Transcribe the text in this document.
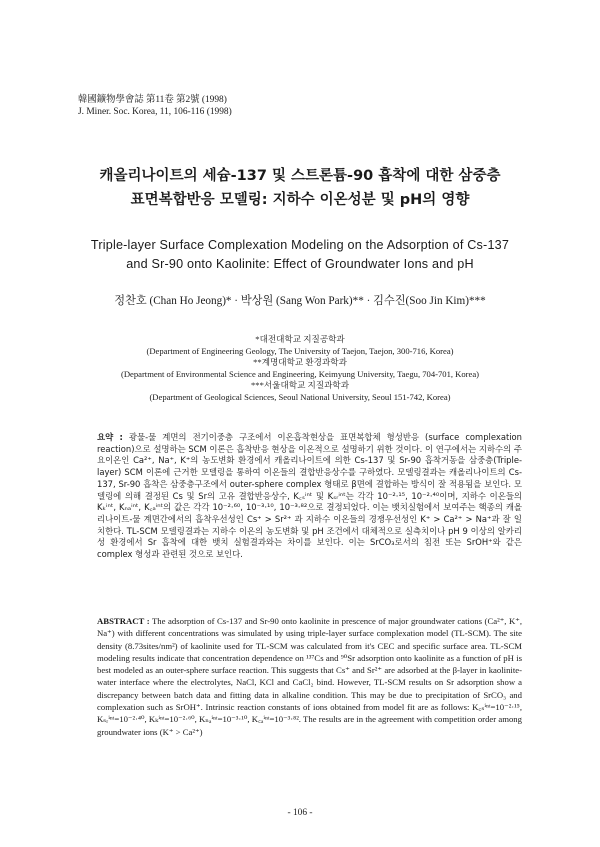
韓國鑛物學會誌 第11卷 第2號 (1998)
J. Miner. Soc. Korea, 11, 106-116 (1998)
캐올리나이트의 세슘-137 및 스트론튬-90 흡착에 대한 삼중층
표면복합반응 모델링: 지하수 이온성분 및 pH의 영향
Triple-layer Surface Complexation Modeling on the Adsorption of Cs-137
and Sr-90 onto Kaolinite: Effect of Groundwater Ions and pH
정찬호 (Chan Ho Jeong)* · 박상원 (Sang Won Park)** · 김수진(Soo Jin Kim)***
*대전대학교 지질공학과
(Department of Engineering Geology, The University of Taejon, Taejon, 300-716, Korea)
**계명대학교 환경과학과
(Department of Environmental Science and Engineering, Keimyung University, Taegu, 704-701, Korea)
***서울대학교 지질과학과
(Department of Geological Sciences, Seoul National University, Seoul 151-742, Korea)
요약 : 광물-물 계면의 전기이중층 구조에서 이온흡착현상을 표면복합체 형성반응 (surface complexation reaction)으로 설명하는 SCM 이론은 흡착반응 현상을 이온적으로 설명하기 위한 것이다. 이 연구에서는 지하수의 주요이온인 Ca²⁺, Na⁺, K⁺의 농도변화 환경에서 캐올리나이트에 의한 Cs-137 및 Sr-90 흡착거동을 삼중층(Triple-layer) SCM 이론에 근거한 모델링을 통하여 이온들의 결합반응상수를 구하였다. 모델링결과는 캐올리나이트의 Cs-137, Sr-90 흡착은 삼중층구조에서 outer-sphere complex 형태로 β면에 결합하는 방식이 잘 적용됨을 보인다. 모델링에 의해 결정된 Cs 및 Sr의 고유 결합반응상수, K꜀ₛⁱⁿᵗ 및 Kₛᵣⁱⁿᵗ는 각각 10⁻²·¹⁵, 10⁻²·⁴⁰이며, 지하수 이온들의 Kₖⁱⁿᵗ, Kₙₐⁱⁿᵗ, K꜀ₐⁱⁿᵗ의 값은 각각 10⁻²·⁶⁰, 10⁻³·¹⁰, 10⁻³·⁸²으로 결정되었다. 이는 뱃치실험에서 보여주는 핵종의 캐올리나이트-물 계면간에서의 흡착우선성인 Cs⁺ > Sr²⁺ 과 지하수 이온들의 경쟁우선성인 K⁺ > Ca²⁺ > Na⁺과 잘 일치한다. TL-SCM 모델링결과는 지하수 이온의 농도변화 및 pH 조건에서 대체적으로 실측치이나 pH 9 이상의 알카리성 환경에서 Sr 흡착에 대한 뱃치 실험결과와는 차이를 보인다. 이는 SrCO₃로서의 침전 또는 SrOH⁺와 같은 complex 형성과 관련된 것으로 보인다.
ABSTRACT : The adsorption of Cs-137 and Sr-90 onto kaolinite in prescence of major groundwater cations (Ca²⁺, K⁺, Na⁺) with different concentrations was simulated by using triple-layer surface complexation model (TL-SCM). The site density (8.73sites/nm²) of kaolinite used for TL-SCM was calculated from it's CEC and specific surface area. TL-SCM modeling results indicate that concentration dependence on ¹³⁷Cs and ⁹⁰Sr adsorption onto kaolinite as a function of pH is best modeled as an outer-sphere surface reaction. This suggests that Cs⁺ and Sr²⁺ are adsorbed at the β-layer in kaolinite-water interface where the electrolytes, NaCl, KCl and CaCl₂ bind. However, TL-SCM results on Sr adsorption show a discrepancy between batch data and fitting data in alkaline condition. This may be due to precipitation of SrCO₃ and complexation such as SrOH⁺. Intrinsic reaction constants of ions obtained from model fit are as follows: K꜀ₛⁱⁿᵗ=10⁻²·¹⁵, Kₛᵣⁱⁿᵗ=10⁻²·⁴⁰, Kₖⁱⁿᵗ=10⁻²·⁶⁰, Kₙₐⁱⁿᵗ=10⁻³·¹⁰, K꜀ₐⁱⁿᵗ=10⁻³·⁸². The results are in the agreement with competition order among groundwater ions (K⁺ > Ca²⁺)
- 106 -
